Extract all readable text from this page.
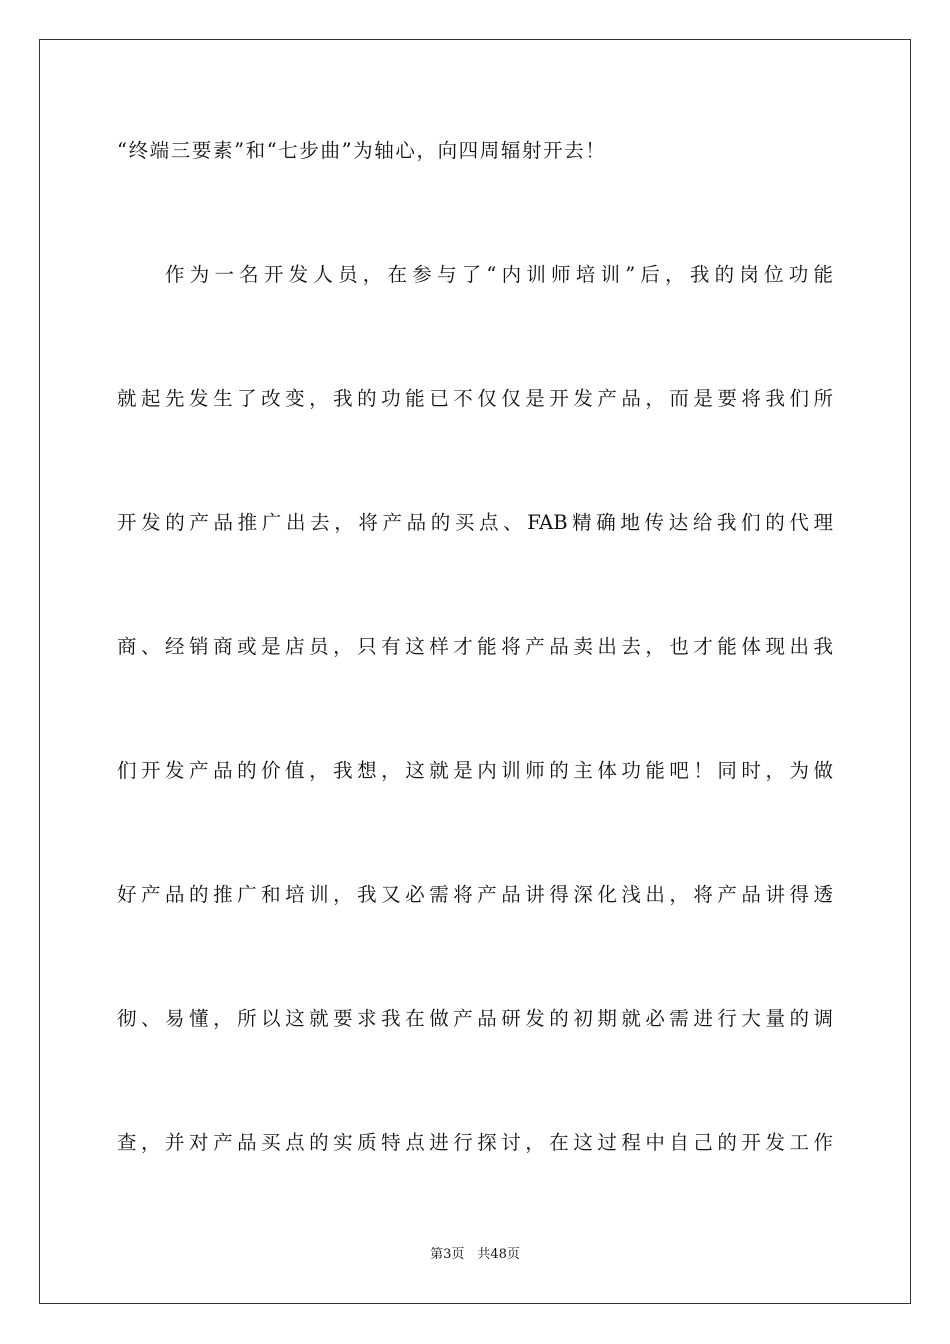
“终端三要素”和“七步曲”为轴心，向四周辐射开去！
作为一名开发人员，在参与了“内训师培训”后，我的岗位功能
就起先发生了改变，我的功能已不仅仅是开发产品，而是要将我们所
开发的产品推广出去，将产品的买点、FAB精确地传达给我们的代理
商、经销商或是店员，只有这样才能将产品卖出去，也才能体现出我
们开发产品的价值，我想，这就是内训师的主体功能吧！同时，为做
好产品的推广和培训，我又必需将产品讲得深化浅出，将产品讲得透
彻、易懂，所以这就要求我在做产品研发的初期就必需进行大量的调
查，并对产品买点的实质特点进行探讨，在这过程中自己的开发工作
第3页　共48页
